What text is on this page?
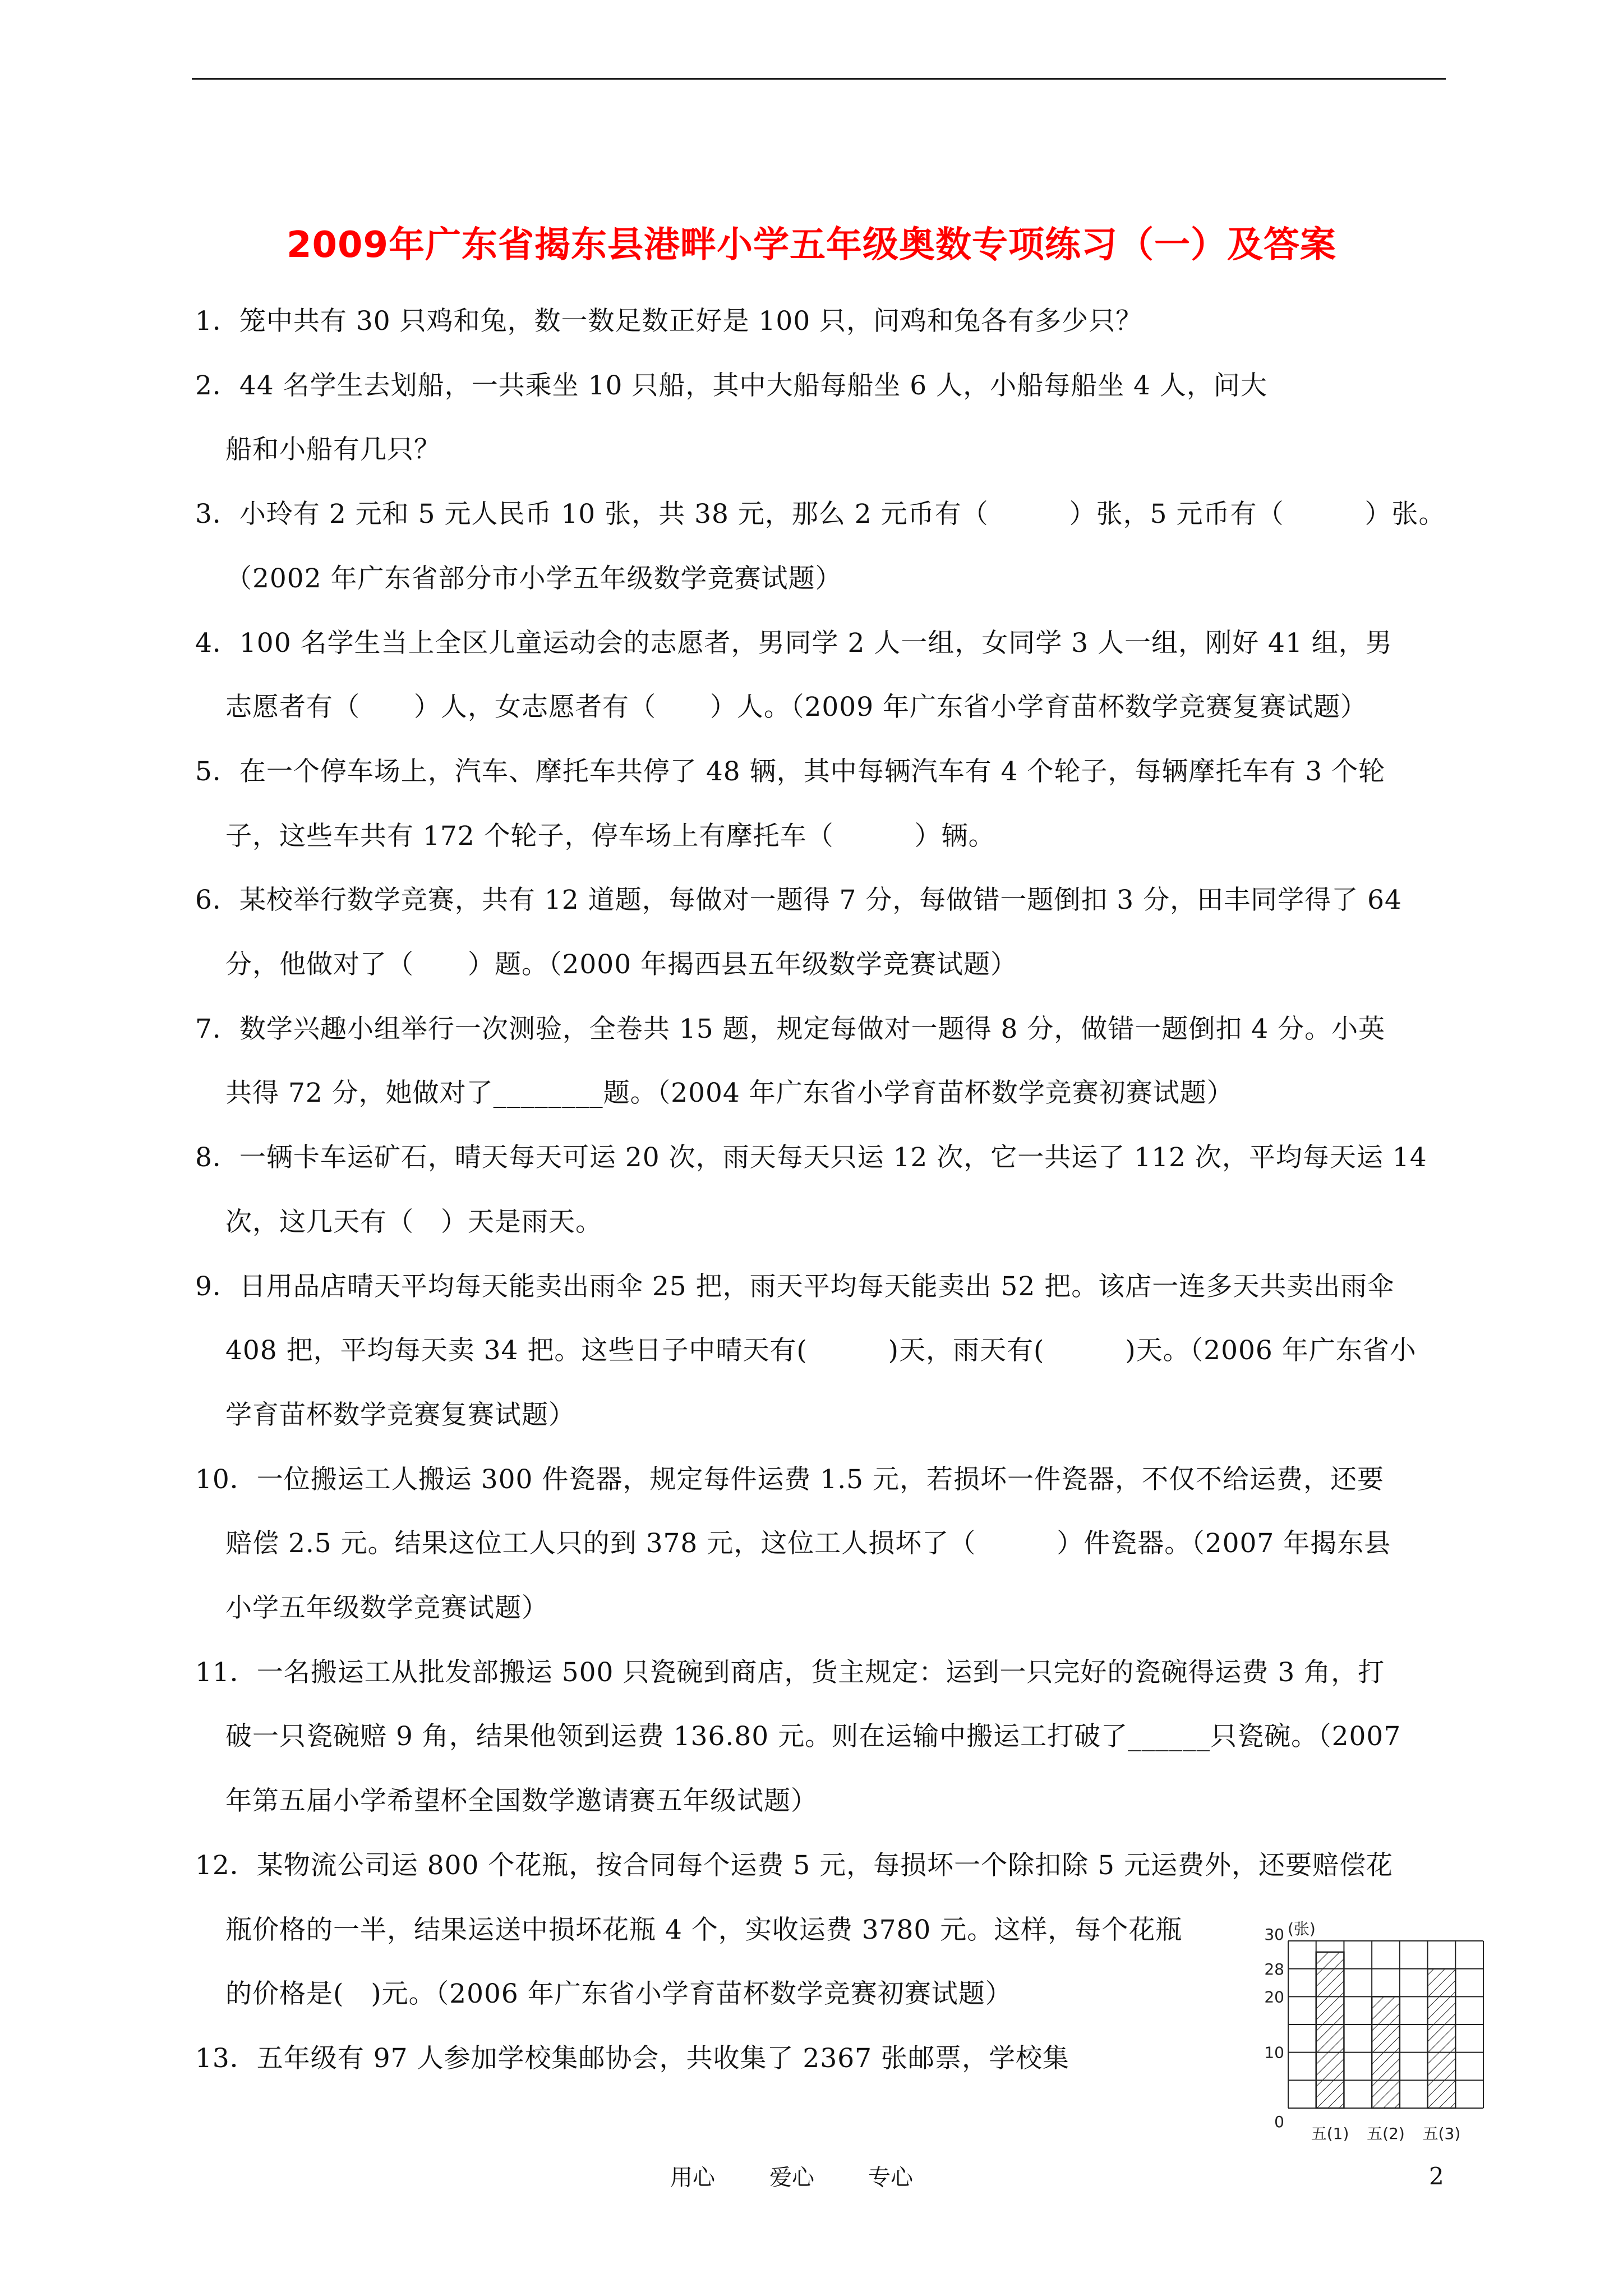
2009年广东省揭东县港畔小学五年级奥数专项练习（一）及答案
1．笼中共有 30 只鸡和兔，数一数足数正好是 100 只，问鸡和兔各有多少只？
2．44 名学生去划船，一共乘坐 10 只船，其中大船每船坐 6 人，小船每船坐 4 人，问大
船和小船有几只？
3．小玲有 2 元和 5 元人民币 10 张，共 38 元，那么 2 元币有（　　　）张，5 元币有（　　　）张。
（2002 年广东省部分市小学五年级数学竞赛试题）
4．100 名学生当上全区儿童运动会的志愿者，男同学 2 人一组，女同学 3 人一组，刚好 41 组，男
志愿者有（　　）人，女志愿者有（　　）人。（2009 年广东省小学育苗杯数学竞赛复赛试题）
5．在一个停车场上，汽车、摩托车共停了 48 辆，其中每辆汽车有 4 个轮子，每辆摩托车有 3 个轮
子，这些车共有 172 个轮子，停车场上有摩托车（　　　）辆。
6．某校举行数学竞赛，共有 12 道题，每做对一题得 7 分，每做错一题倒扣 3 分，田丰同学得了 64
分，他做对了（　　）题。（2000 年揭西县五年级数学竞赛试题）
7．数学兴趣小组举行一次测验，全卷共 15 题，规定每做对一题得 8 分，做错一题倒扣 4 分。小英
共得 72 分，她做对了________题。（2004 年广东省小学育苗杯数学竞赛初赛试题）
8．一辆卡车运矿石，晴天每天可运 20 次，雨天每天只运 12 次，它一共运了 112 次，平均每天运 14
次，这几天有（　）天是雨天。
9．日用品店晴天平均每天能卖出雨伞 25 把，雨天平均每天能卖出 52 把。该店一连多天共卖出雨伞
408 把，平均每天卖 34 把。这些日子中晴天有(　　　)天，雨天有(　　　)天。（2006 年广东省小
学育苗杯数学竞赛复赛试题）
10．一位搬运工人搬运 300 件瓷器，规定每件运费 1.5 元，若损坏一件瓷器，不仅不给运费，还要
赔偿 2.5 元。结果这位工人只的到 378 元，这位工人损坏了（　　　）件瓷器。（2007 年揭东县
小学五年级数学竞赛试题）
11．一名搬运工从批发部搬运 500 只瓷碗到商店，货主规定：运到一只完好的瓷碗得运费 3 角，打
破一只瓷碗赔 9 角，结果他领到运费 136.80 元。则在运输中搬运工打破了______只瓷碗。（2007
年第五届小学希望杯全国数学邀请赛五年级试题）
12．某物流公司运 800 个花瓶，按合同每个运费 5 元，每损坏一个除扣除 5 元运费外，还要赔偿花
瓶价格的一半，结果运送中损坏花瓶 4 个，实收运费 3780 元。这样，每个花瓶
的价格是(　)元。（2006 年广东省小学育苗杯数学竞赛初赛试题）
13．五年级有 97 人参加学校集邮协会，共收集了 2367 张邮票，学校集
用心 爱心 专心	2
五(1) 五(2) 五(3)
0
10
20
28
30 (张)
